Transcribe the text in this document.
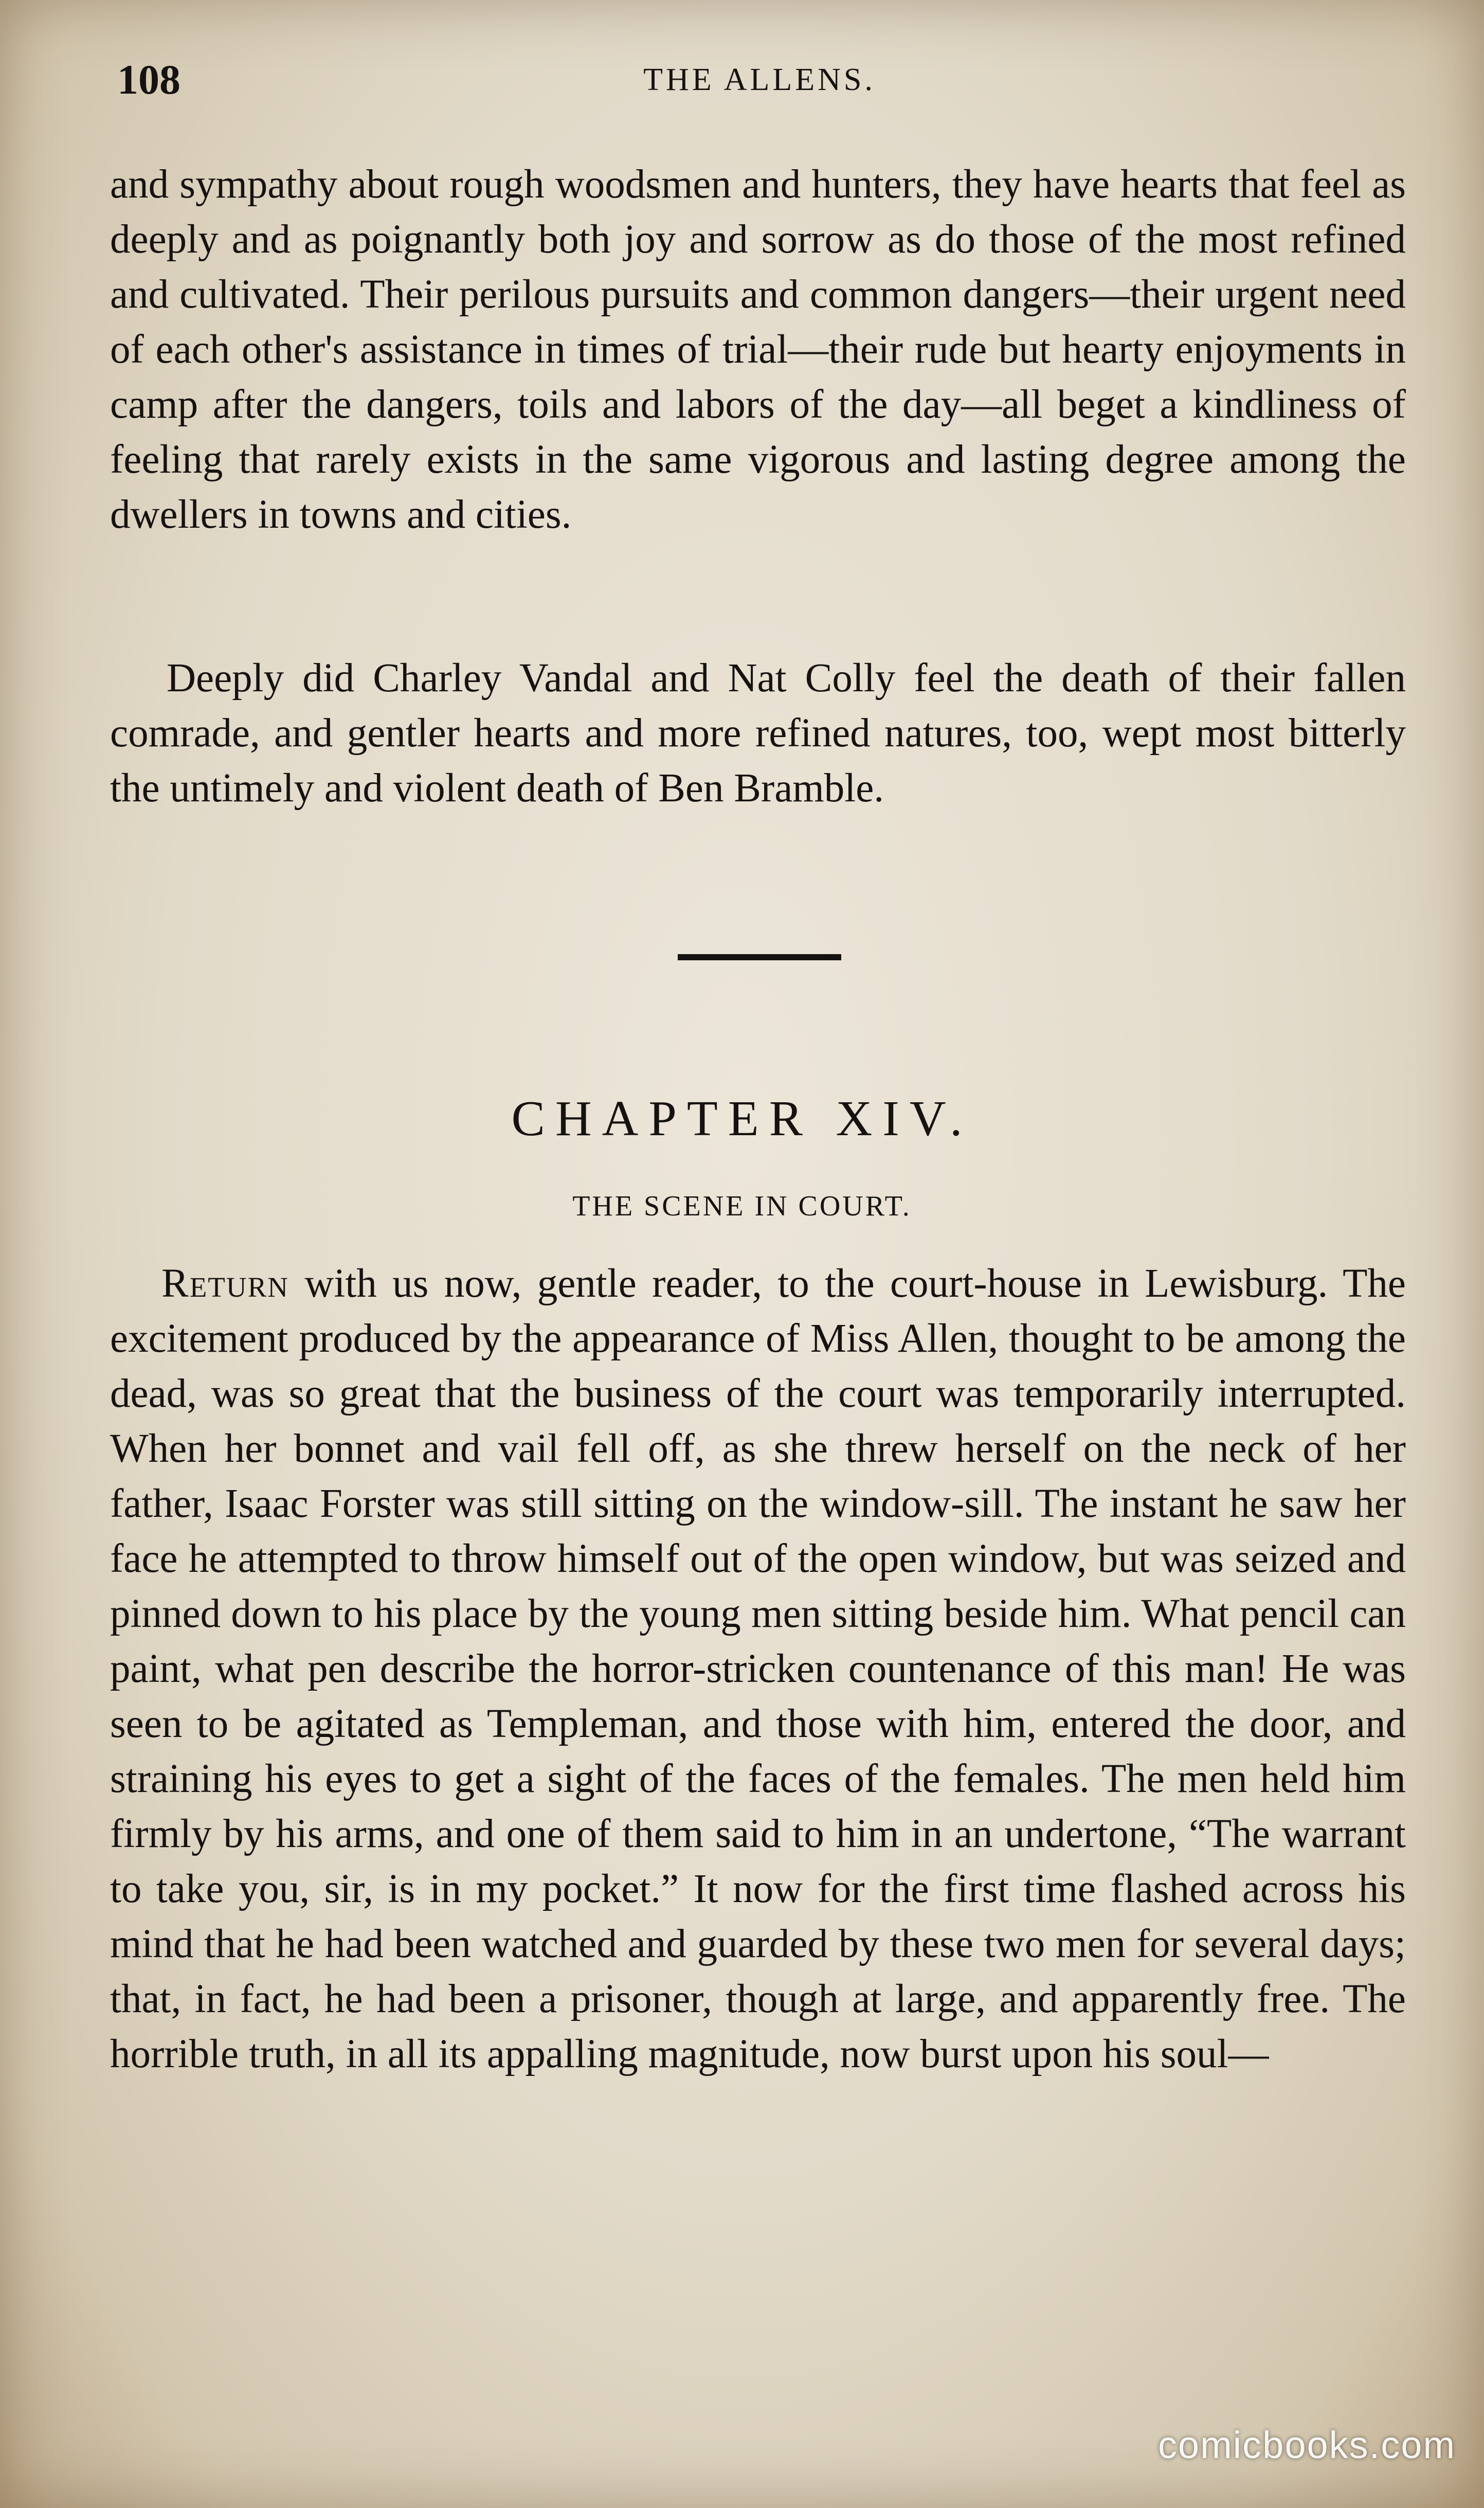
108	THE ALLENS.

and sympathy about rough woodsmen and hunters, they have hearts that feel as deeply and as poignantly both joy and sorrow as do those of the most refined and cultivated. Their perilous pursuits and common dangers—their urgent need of each other's assistance in times of trial—their rude but hearty enjoyments in camp after the dangers, toils and labors of the day—all beget a kindliness of feeling that rarely exists in the same vigorous and lasting degree among the dwellers in towns and cities.

Deeply did Charley Vandal and Nat Colly feel the death of their fallen comrade, and gentler hearts and more refined natures, too, wept most bitterly the untimely and violent death of Ben Bramble.

CHAPTER XIV.
THE SCENE IN COURT.

Return with us now, gentle reader, to the court-house in Lewisburg. The excitement produced by the appearance of Miss Allen, thought to be among the dead, was so great that the business of the court was temporarily interrupted. When her bonnet and vail fell off, as she threw herself on the neck of her father, Isaac Forster was still sitting on the window-sill. The instant he saw her face he attempted to throw himself out of the open window, but was seized and pinned down to his place by the young men sitting beside him. What pencil can paint, what pen describe the horror-stricken countenance of this man! He was seen to be agitated as Templeman, and those with him, entered the door, and straining his eyes to get a sight of the faces of the females. The men held him firmly by his arms, and one of them said to him in an undertone, “The warrant to take you, sir, is in my pocket.” It now for the first time flashed across his mind that he had been watched and guarded by these two men for several days; that, in fact, he had been a prisoner, though at large, and apparently free. The horrible truth, in all its appalling magnitude, now burst upon his soul—

comicbooks.com
